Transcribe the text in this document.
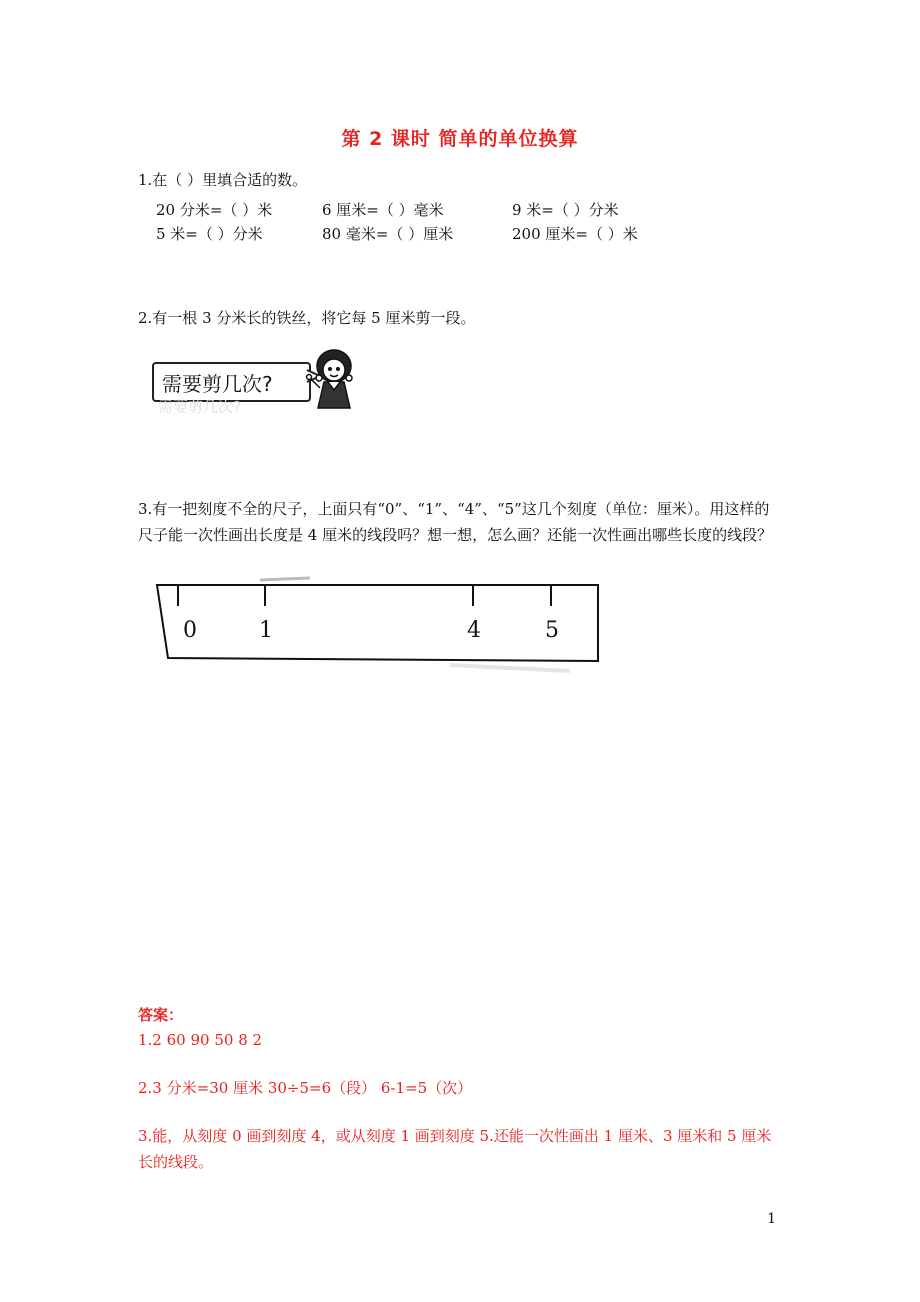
第 2 课时 简单的单位换算
1.在（ ）里填合适的数。
20 分米=（ ）米	6 厘米=（ ）毫米	9 米=（ ）分米
5 米=（ ）分米	80 毫米=（ ）厘米	200 厘米=（ ）米
2.有一根 3 分米长的铁丝，将它每 5 厘米剪一段。
需要剪几次?
需要剪几次?
3.有一把刻度不全的尺子，上面只有“0”、“1”、“4”、“5”这几个刻度（单位：厘米）。用这样的尺子能一次性画出长度是 4 厘米的线段吗？想一想，怎么画？还能一次性画出哪些长度的线段？
0	1	4	5
答案：
1.2 60 90 50 8 2
2.3 分米=30 厘米 30÷5=6（段） 6-1=5（次）
3.能，从刻度 0 画到刻度 4，或从刻度 1 画到刻度 5.还能一次性画出 1 厘米、3 厘米和 5 厘米长的线段。
1
